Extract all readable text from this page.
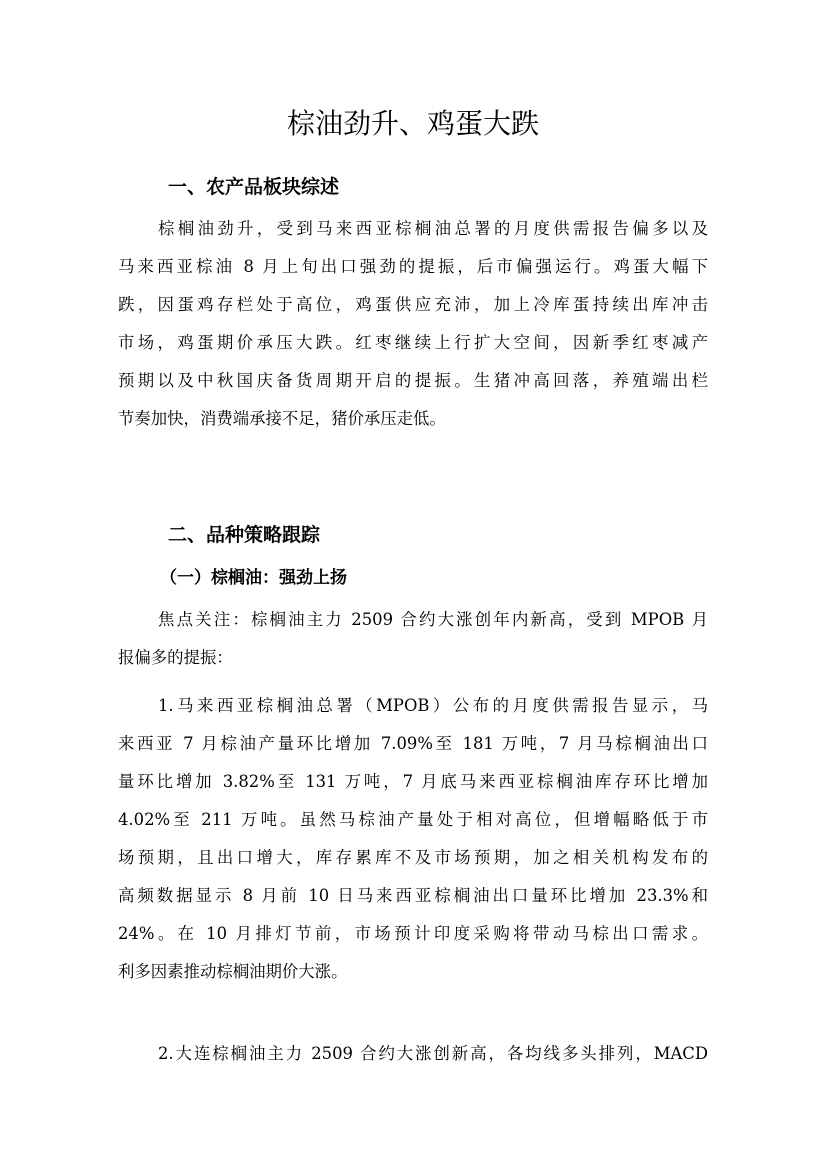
棕油劲升、鸡蛋大跌
一、农产品板块综述
棕榈油劲升，受到马来西亚棕榈油总署的月度供需报告偏多以及
马来西亚棕油 8 月上旬出口强劲的提振，后市偏强运行。鸡蛋大幅下
跌，因蛋鸡存栏处于高位，鸡蛋供应充沛，加上冷库蛋持续出库冲击
市场，鸡蛋期价承压大跌。红枣继续上行扩大空间，因新季红枣减产
预期以及中秋国庆备货周期开启的提振。生猪冲高回落，养殖端出栏
节奏加快，消费端承接不足，猪价承压走低。
二、品种策略跟踪
（一）棕榈油：强劲上扬
焦点关注：棕榈油主力 2509 合约大涨创年内新高，受到 MPOB 月
报偏多的提振：
1.马来西亚棕榈油总署（MPOB）公布的月度供需报告显示，马
来西亚 7 月棕油产量环比增加 7.09%至 181 万吨，7 月马棕榈油出口
量环比增加 3.82%至 131 万吨，7 月底马来西亚棕榈油库存环比增加
4.02%至 211 万吨。虽然马棕油产量处于相对高位，但增幅略低于市
场预期，且出口增大，库存累库不及市场预期，加之相关机构发布的
高频数据显示 8 月前 10 日马来西亚棕榈油出口量环比增加 23.3%和
24%。在 10 月排灯节前，市场预计印度采购将带动马棕出口需求。
利多因素推动棕榈油期价大涨。
2.大连棕榈油主力 2509 合约大涨创新高，各均线多头排列，MACD
